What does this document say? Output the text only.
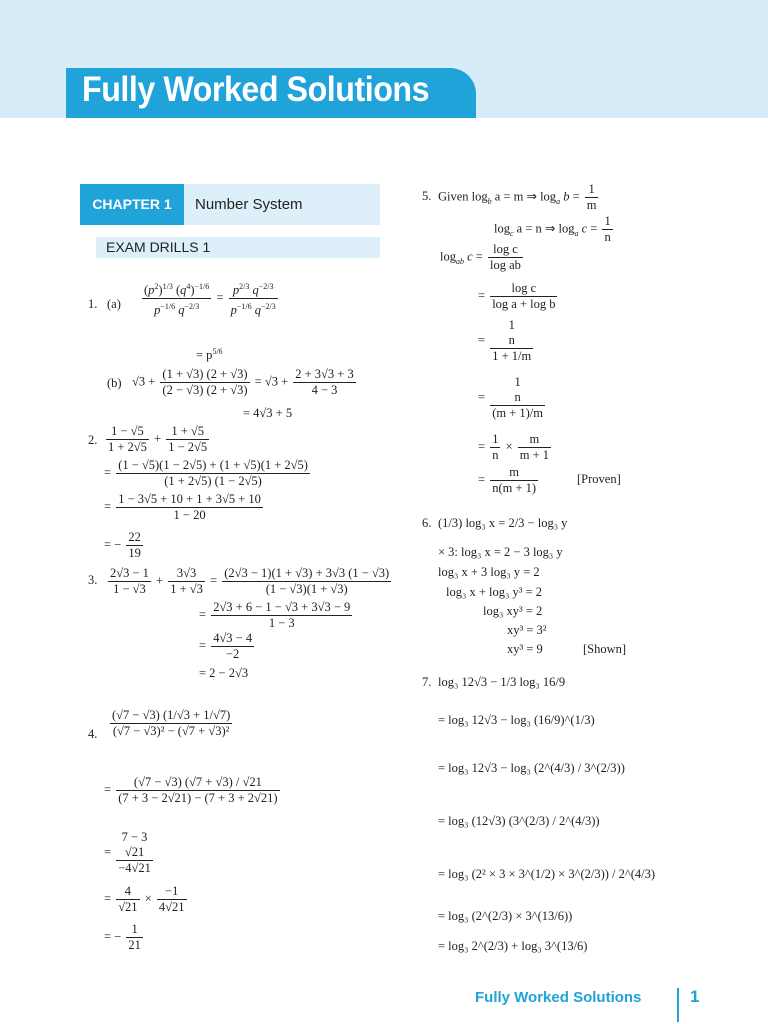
Fully Worked Solutions
CHAPTER 1	Number System
EXAM DRILLS 1
1. $(a) \frac{(p^2)^{1/3} (q^4)^{-1/6}}{p^{-1/6} q^{-2/3}} = \frac{p^{2/3} q^{-2/3}}{p^{-1/6} q^{-2/3}}$
= $p^{5/6}$
(b) $√3 + \frac{(1 + √3) (2 + √3)}{(2 - √3) (2 + √3)} = √3 + \frac{2 + 3√3 + 3}{4 - 3}$
= 4√3 + 5
2. $\frac{1 - √5}{1 + 2√5} + \frac{1 + √5}{1 - 2√5}$
= $\frac{(1 - √5)(1 - 2√5) + (1 + √5)(1 + 2√5)}{(1 + 2√5) (1 - 2√5)}$
= $\frac{1 - 3√5 + 10 + 1 + 3√5 + 10}{1 - 20}$
= − $\frac{22}{19}$
3. $\frac{2√3 - 1}{1 - √3} + \frac{3√3}{1 + √3} = \frac{(2√3 - 1)(1 + √3) + 3√3 (1 - √3)}{(1 - √3)(1 + √3)}$
= $\frac{2√3 + 6 - 1 - √3 + 3√3 - 9}{1 - 3}$
= $\frac{4√3 - 4}{-2}$
= 2 − 2√3
4. $\frac{(√7 - √3) (1/√3 + 1/√7)}{\text{(√7 − √3)² − (√7 + √3)²}}$
= $\frac{(√7 - √3) (√7 + √3) / √21}{(7 + 3 - 2√21) - (7 + 3 + 2√21)}$
=
7 − 3
√21
−4√21
= $\frac{4}{√21} \times \frac{-1}{4√21}$
= − $\frac{1}{21}$
5. Given $\log_b a = m$ ⇒ $\log_a b = \frac{1}{m}$
$\log_c a = n$ ⇒ $\log_a c = \frac{1}{n}$
$\log_{ab} c = \frac{\text{log c}}{\text{log ab}}$
= $\frac{\text{log c}}{\text{log a + log b}}$
=
1
n
1 + 1/m
=
1
n
(m + 1)/m
= $\frac{1}{n} \times \frac{m}{m + 1}$
= $\frac{m}{n(m + 1)}$	[Proven]
6. (1/3) log₃ x = 2/3 − log₃ y
× 3: log₃ x = 2 − 3 log₃ y
log₃ x + 3 log₃ y = 2
log₃ x + log₃ y³ = 2
log₃ xy³ = 2
xy³ = 3²
xy³ = 9	[Shown]
7. log₃ 12√3 − 1/3 log₃ 16/9
= log₃ 12√3 − log₃ (16/9)^(1/3)
= log₃ 12√3 − log₃ (2^(4/3) / 3^(2/3))
= log₃ (12√3) (3^(2/3) / 2^(4/3))
= log₃ (2² × 3 × 3^(1/2) × 3^(2/3)) / 2^(4/3)
= log₃ (2^(2/3) × 3^(13/6))
= log₃ 2^(2/3) + log₃ 3^(13/6)
Fully Worked Solutions	1
